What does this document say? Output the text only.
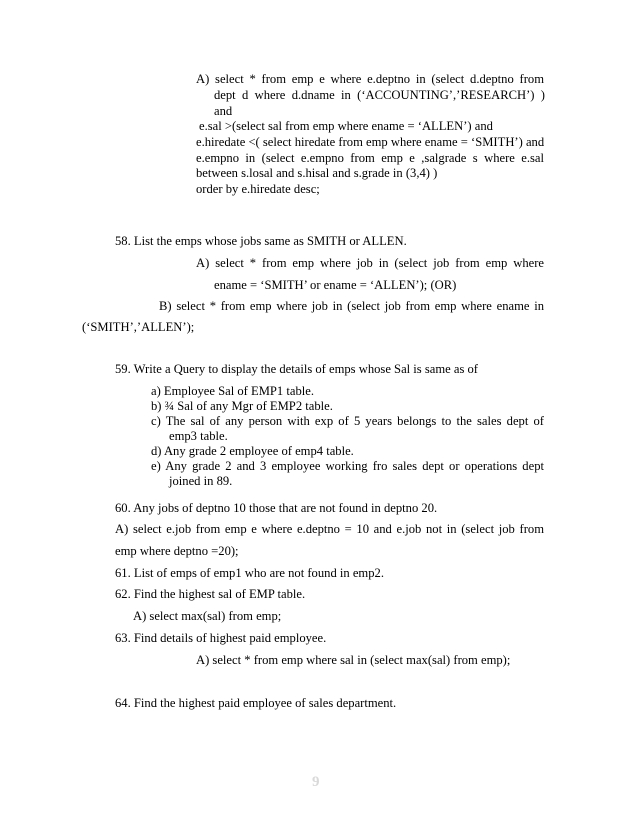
A) select * from emp e where e.deptno in (select d.deptno from
dept d where d.dname in (‘ACCOUNTING’,’RESEARCH’) )
and
e.sal >(select sal from emp where ename = ‘ALLEN’) and
e.hiredate <( select hiredate from emp where ename = ‘SMITH’) and
e.empno in (select e.empno from emp e ,salgrade s where e.sal
between s.losal and s.hisal and s.grade in (3,4) )
order by e.hiredate desc;
58. List the emps whose jobs same as SMITH or ALLEN.
A) select * from emp where job in (select job from emp where
ename = ‘SMITH’ or ename = ‘ALLEN’); (OR)
B) select * from emp where job in (select job from emp where ename in
(‘SMITH’,’ALLEN’);
59. Write a Query to display the details of emps whose Sal is same as of
a) Employee Sal of EMP1 table.
b) ¾ Sal of any Mgr of EMP2 table.
c) The sal of any person with exp of 5 years belongs to the sales dept of
emp3 table.
d) Any grade 2 employee of emp4 table.
e) Any grade 2 and 3 employee working fro sales dept or operations dept
joined in 89.
60. Any jobs of deptno 10 those that are not found in deptno 20.
A) select e.job from emp e where e.deptno = 10 and e.job not in (select job from
emp where deptno =20);
61. List of emps of emp1 who are not found in emp2.
62. Find the highest sal of EMP table.
A) select max(sal) from emp;
63. Find details of highest paid employee.
A) select * from emp where sal in (select max(sal) from emp);
64. Find the highest paid employee of sales department.
9
